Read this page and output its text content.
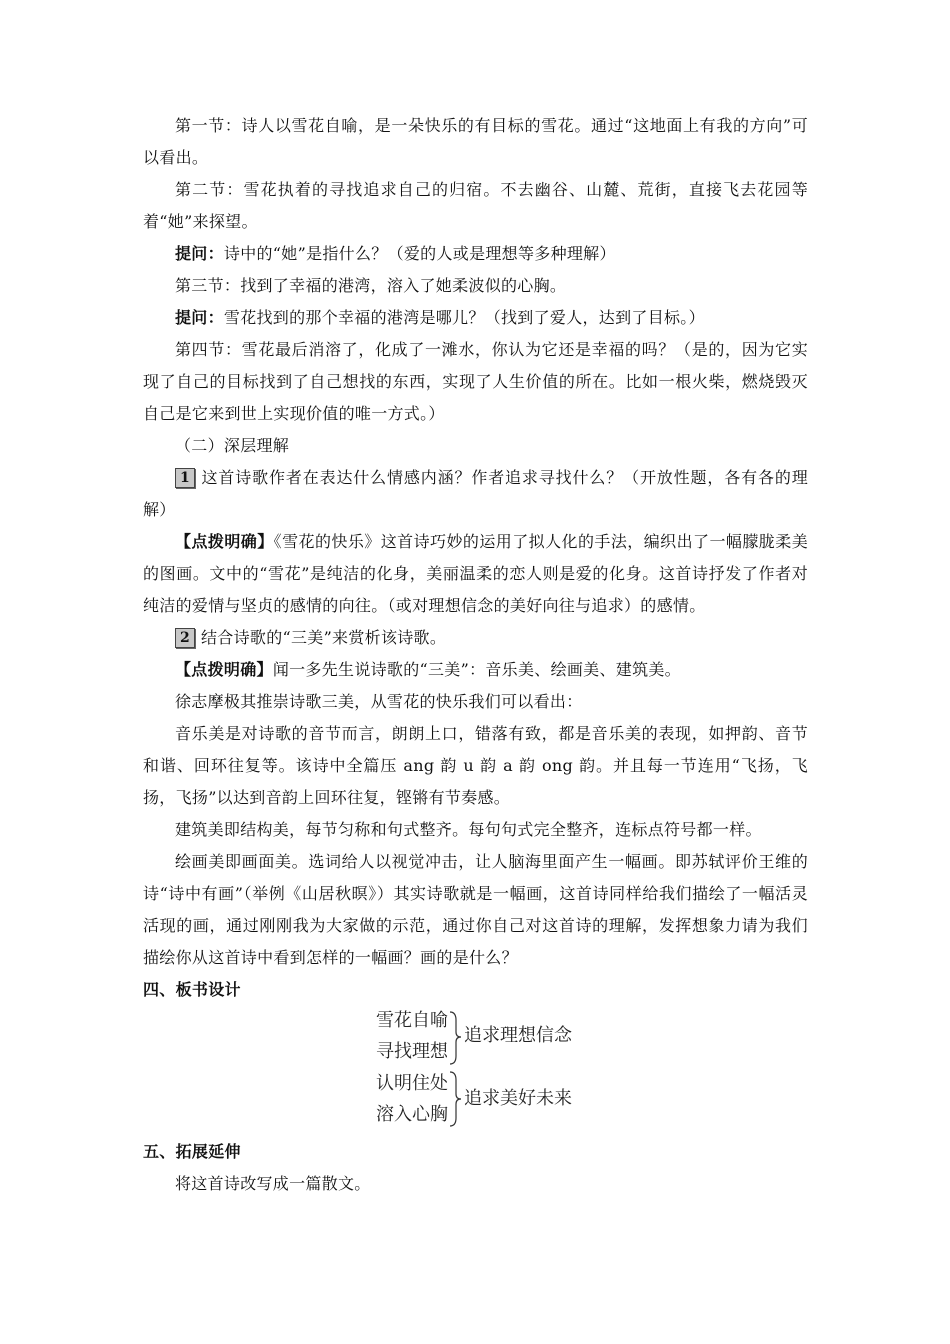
第一节：诗人以雪花自喻，是一朵快乐的有目标的雪花。通过“这地面上有我的方向”可以看出。

第二节：雪花执着的寻找追求自己的归宿。不去幽谷、山麓、荒街，直接飞去花园等着“她”来探望。

提问：诗中的“她”是指什么？（爱的人或是理想等多种理解）

第三节：找到了幸福的港湾，溶入了她柔波似的心胸。

提问：雪花找到的那个幸福的港湾是哪儿？（找到了爱人，达到了目标。）

第四节：雪花最后消溶了，化成了一滩水，你认为它还是幸福的吗？（是的，因为它实现了自己的目标找到了自己想找的东西，实现了人生价值的所在。比如一根火柴，燃烧毁灭自己是它来到世上实现价值的唯一方式。）

（二）深层理解

1 这首诗歌作者在表达什么情感内涵？作者追求寻找什么？（开放性题，各有各的理解）

【点拨明确】《雪花的快乐》这首诗巧妙的运用了拟人化的手法，编织出了一幅朦胧柔美的图画。文中的“雪花”是纯洁的化身，美丽温柔的恋人则是爱的化身。这首诗抒发了作者对纯洁的爱情与坚贞的感情的向往。（或对理想信念的美好向往与追求）的感情。

2 结合诗歌的“三美”来赏析该诗歌。

【点拨明确】闻一多先生说诗歌的“三美”：音乐美、绘画美、建筑美。

徐志摩极其推崇诗歌三美，从雪花的快乐我们可以看出：

音乐美是对诗歌的音节而言，朗朗上口，错落有致，都是音乐美的表现，如押韵、音节和谐、回环往复等。该诗中全篇压 ang 韵 u 韵 a 韵 ong 韵。并且每一节连用“飞扬，飞扬，飞扬”以达到音韵上回环往复，铿锵有节奏感。

建筑美即结构美，每节匀称和句式整齐。每句句式完全整齐，连标点符号都一样。

绘画美即画面美。选词给人以视觉冲击，让人脑海里面产生一幅画。即苏轼评价王维的诗“诗中有画”（举例《山居秋暝》）其实诗歌就是一幅画，这首诗同样给我们描绘了一幅活灵活现的画，通过刚刚我为大家做的示范，通过你自己对这首诗的理解，发挥想象力请为我们描绘你从这首诗中看到怎样的一幅画？画的是什么？

四、板书设计

雪花自喻
寻找理想
认明住处
溶入心胸
追求理想信念
追求美好未来

五、拓展延伸

将这首诗改写成一篇散文。
